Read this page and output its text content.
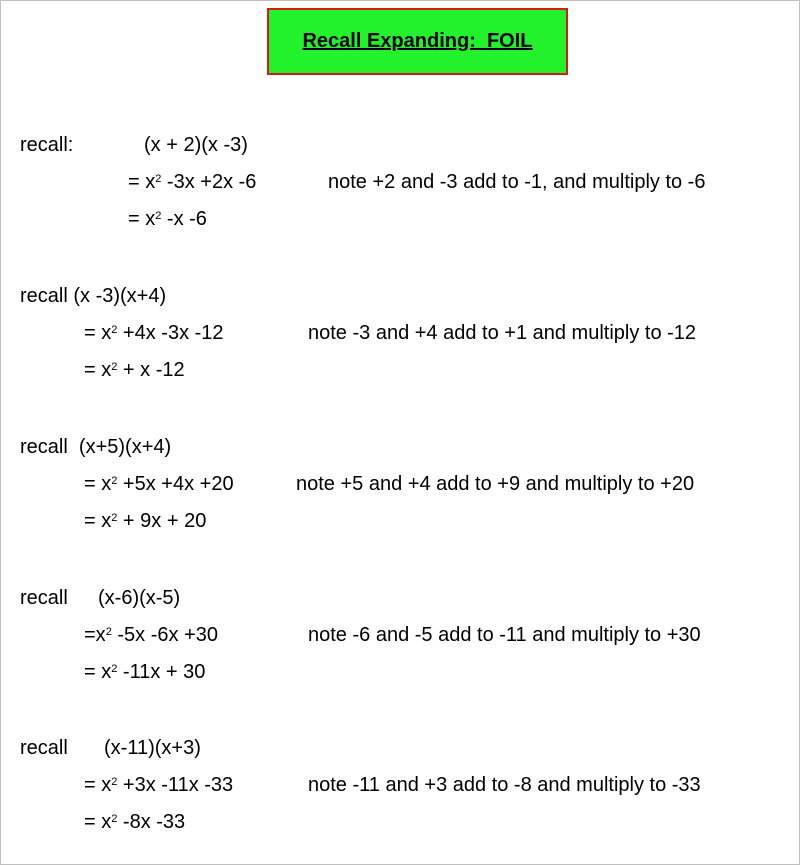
Recall Expanding:  FOIL
recall:	(x + 2)(x -3)
= $x^2$ -3x +2x -6	note +2 and -3 add to -1, and multiply to -6
= $x^2$ -x -6
recall (x -3)(x+4)
= $x^2 +4x$ -3x -12	note -3 and +4 add to +1 and multiply to -12
= $x^2 + x$ -12
recall  (x+5)(x+4)
= $x^2 +5x +4x +20$	note +5 and +4 add to +9 and multiply to +20
= $x^2 + 9x + 20$
recall (x-6)(x-5)
$=x^2$ -5x -6x +30	note -6 and -5 add to -11 and multiply to +30
= $x^2$ -11x + 30
recall (x-11)(x+3)
= $x^2 +3x$ -11x -33	note -11 and +3 add to -8 and multiply to -33
= $x^2$ -8x -33
